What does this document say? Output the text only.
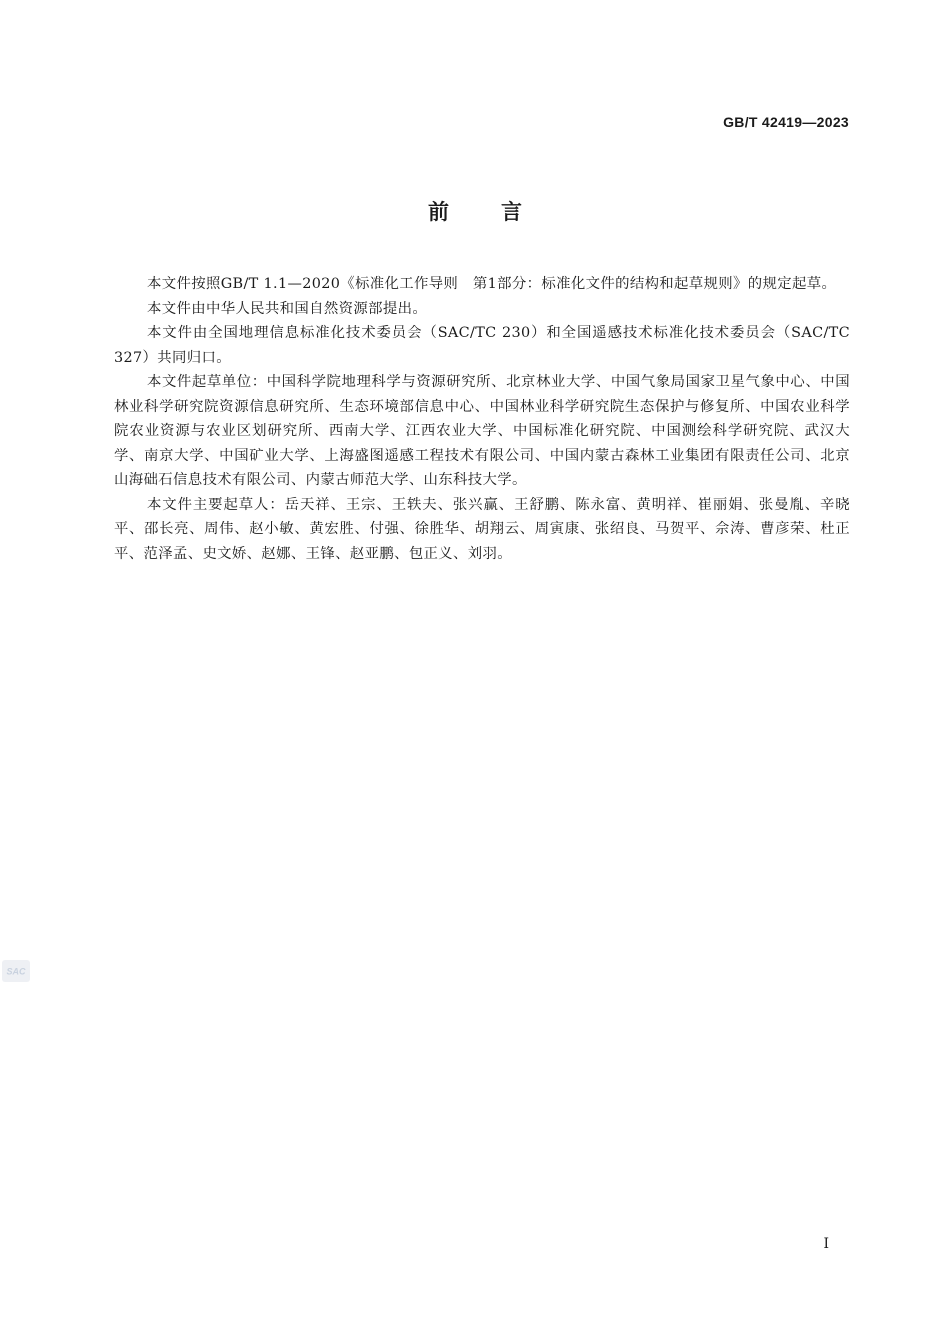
GB/T 42419—2023
前言

本文件按照GB/T 1.1—2020《标准化工作导则　第1部分：标准化文件的结构和起草规则》的规定起草。

本文件由中华人民共和国自然资源部提出。

本文件由全国地理信息标准化技术委员会（SAC/TC 230）和全国遥感技术标准化技术委员会（SAC/TC 327）共同归口。

本文件起草单位：中国科学院地理科学与资源研究所、北京林业大学、中国气象局国家卫星气象中心、中国林业科学研究院资源信息研究所、生态环境部信息中心、中国林业科学研究院生态保护与修复所、中国农业科学院农业资源与农业区划研究所、西南大学、江西农业大学、中国标准化研究院、中国测绘科学研究院、武汉大学、南京大学、中国矿业大学、上海盛图遥感工程技术有限公司、中国内蒙古森林工业集团有限责任公司、北京山海础石信息技术有限公司、内蒙古师范大学、山东科技大学。

本文件主要起草人：岳天祥、王宗、王轶夫、张兴赢、王舒鹏、陈永富、黄明祥、崔丽娟、张曼胤、辛晓平、邵长亮、周伟、赵小敏、黄宏胜、付强、徐胜华、胡翔云、周寅康、张绍良、马贺平、佘涛、曹彦荣、杜正平、范泽孟、史文娇、赵娜、王锋、赵亚鹏、包正义、刘羽。

SAC
I
